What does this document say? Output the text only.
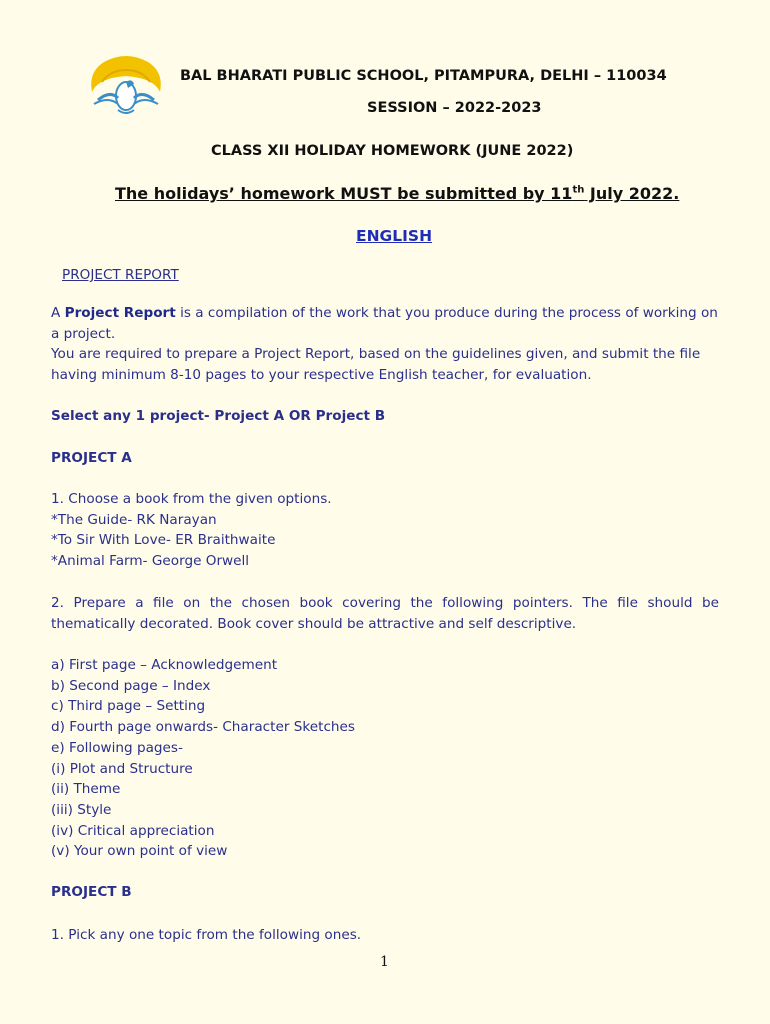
BAL BHARATI PUBLIC SCHOOL, PITAMPURA, DELHI – 110034
SESSION – 2022-2023
CLASS XII HOLIDAY HOMEWORK (JUNE 2022)
The holidays’ homework MUST be submitted by 11th July 2022.
ENGLISH
PROJECT REPORT
A Project Report is a compilation of the work that you produce during the process of working on a project.
You are required to prepare a Project Report, based on the guidelines given, and submit the file having minimum 8-10 pages to your respective English teacher, for evaluation.
Select any 1 project- Project A OR Project B
PROJECT A
1. Choose a book from the given options.
*The Guide- RK Narayan
*To Sir With Love- ER Braithwaite
*Animal Farm- George Orwell
2. Prepare a file on the chosen book covering the following pointers. The file should be thematically decorated. Book cover should be attractive and self descriptive.
a) First page – Acknowledgement
b) Second page – Index
c) Third page – Setting
d) Fourth page onwards- Character Sketches
e) Following pages-
(i) Plot and Structure
(ii) Theme
(iii) Style
(iv) Critical appreciation
(v) Your own point of view
PROJECT B
1. Pick any one topic from the following ones.
1
